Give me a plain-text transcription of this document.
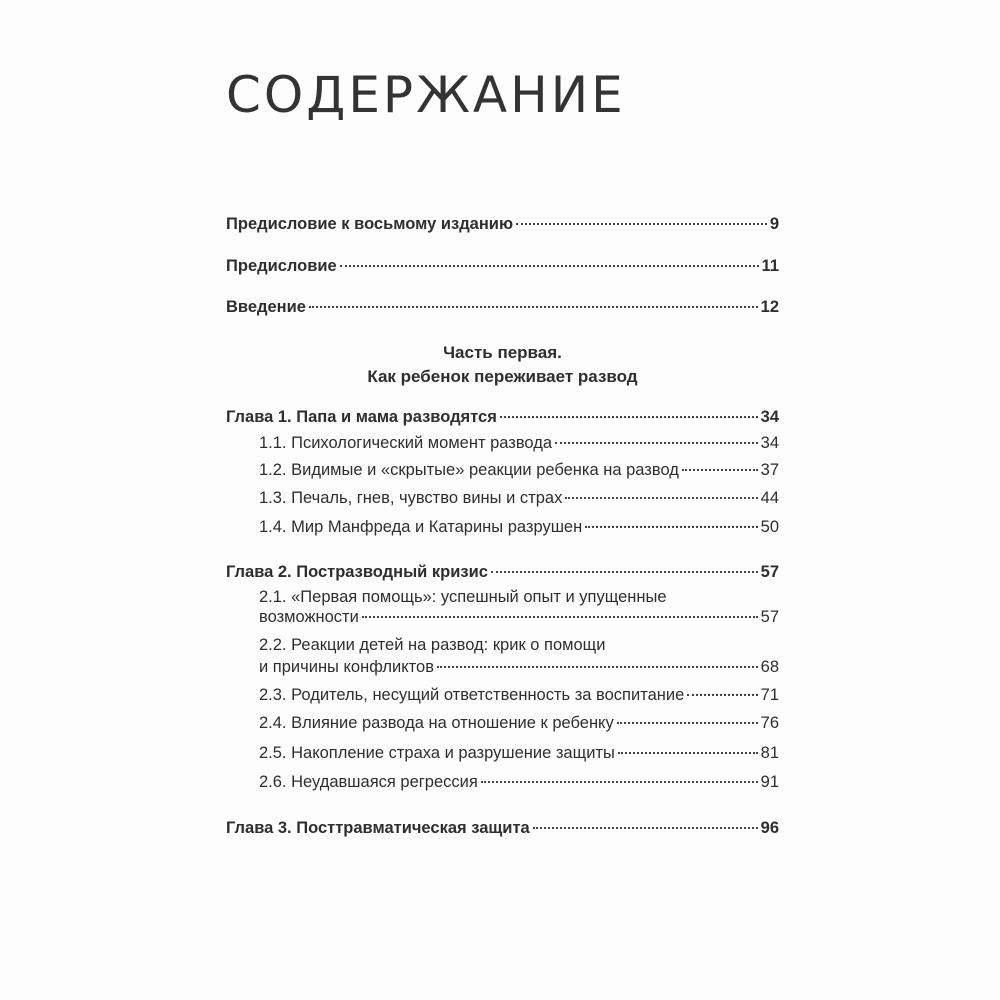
СОДЕРЖАНИЕ
Предисловие к восьмому изданию	9
Предисловие	11
Введение	12
Часть первая.
Как ребенок переживает развод
Глава 1. Папа и мама разводятся	34
1.1. Психологический момент развода	34
1.2. Видимые и «скрытые» реакции ребенка на развод	37
1.3. Печаль, гнев, чувство вины и страх	44
1.4. Мир Манфреда и Катарины разрушен	50
Глава 2. Постразводный кризис	57
2.1. «Первая помощь»: успешный опыт и упущенные
возможности	57
2.2. Реакции детей на развод: крик о помощи
и причины конфликтов	68
2.3. Родитель, несущий ответственность за воспитание	71
2.4. Влияние развода на отношение к ребенку	76
2.5. Накопление страха и разрушение защиты	81
2.6. Неудавшаяся регрессия	91
Глава 3. Посттравматическая защита	96
